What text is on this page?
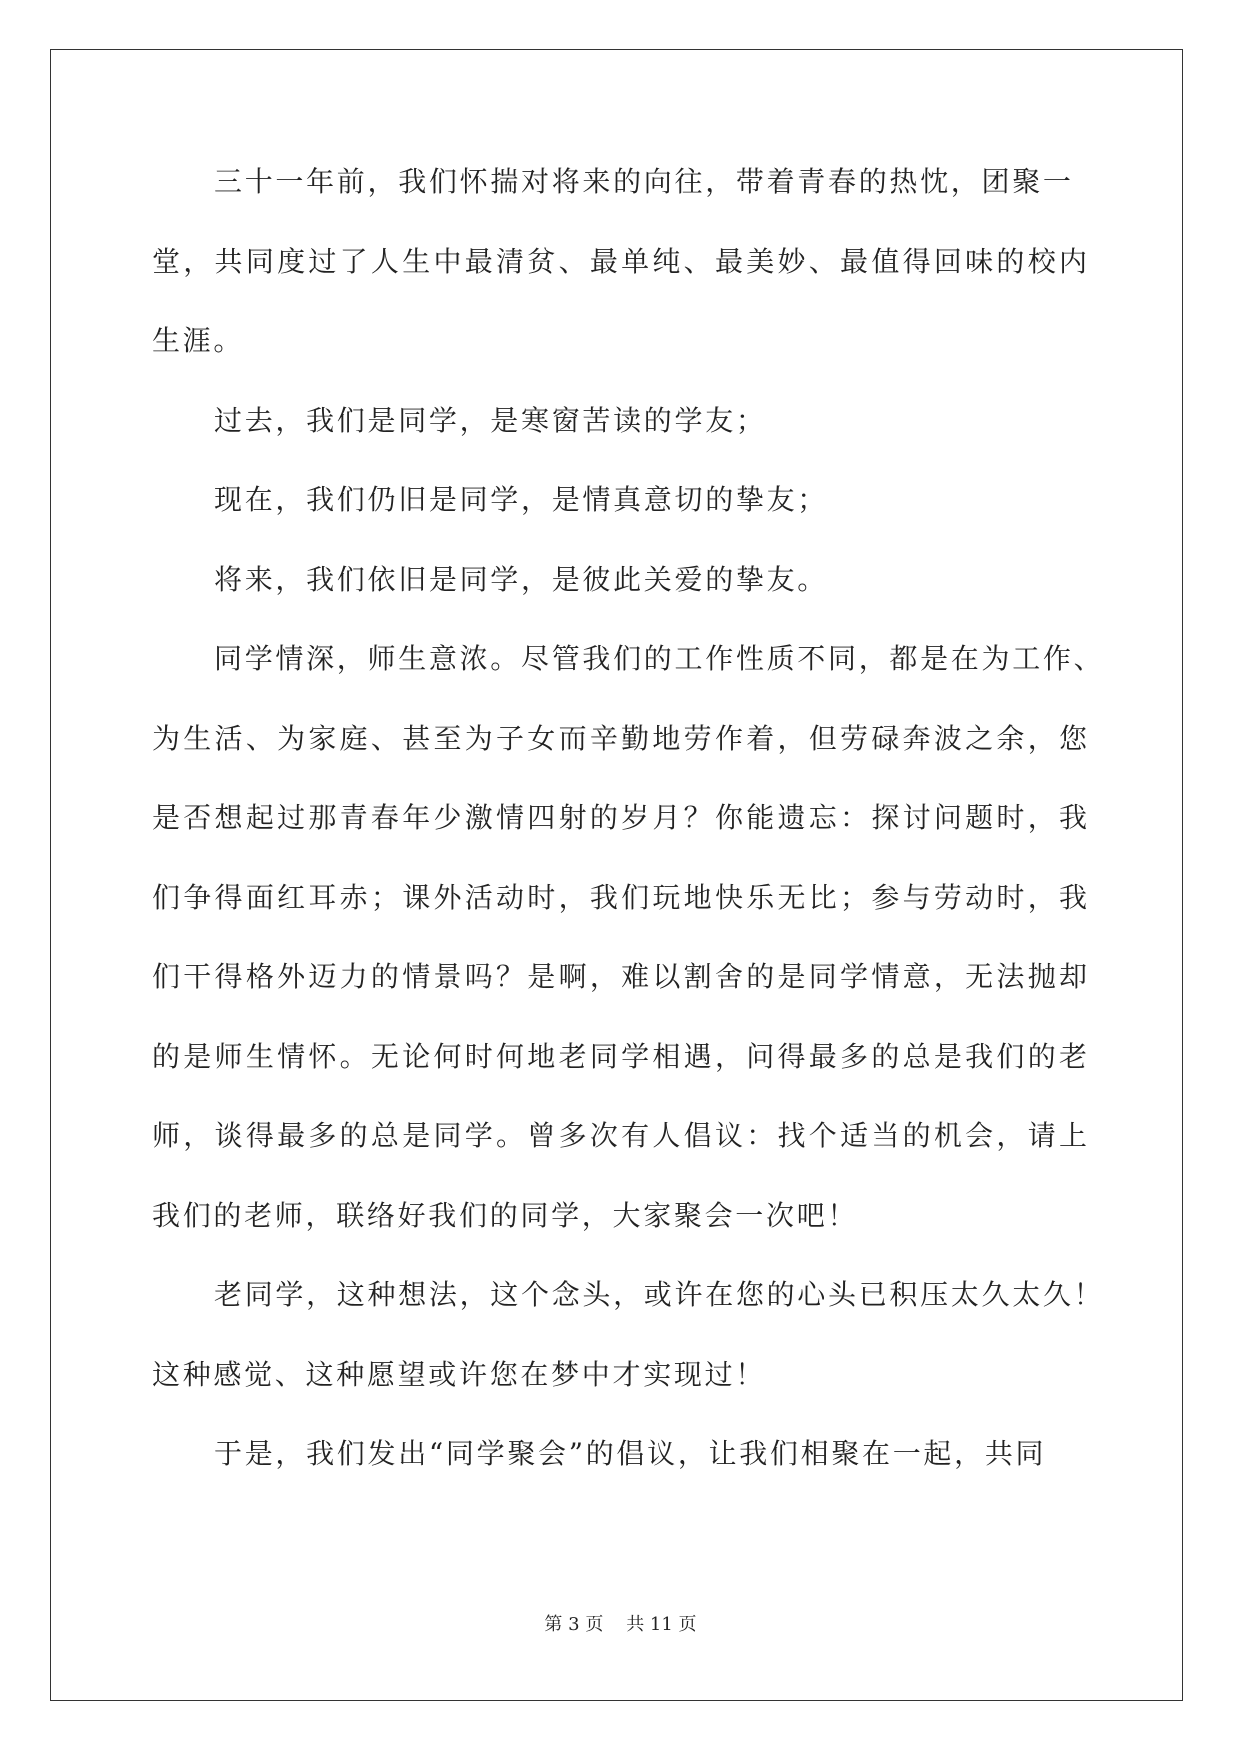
三十一年前，我们怀揣对将来的向往，带着青春的热忱，团聚一
堂，共同度过了人生中最清贫、最单纯、最美妙、最值得回味的校内
生涯。
过去，我们是同学，是寒窗苦读的学友；
现在，我们仍旧是同学，是情真意切的挚友；
将来，我们依旧是同学，是彼此关爱的挚友。
同学情深，师生意浓。尽管我们的工作性质不同，都是在为工作、
为生活、为家庭、甚至为子女而辛勤地劳作着，但劳碌奔波之余，您
是否想起过那青春年少激情四射的岁月？你能遗忘：探讨问题时，我
们争得面红耳赤；课外活动时，我们玩地快乐无比；参与劳动时，我
们干得格外迈力的情景吗？是啊，难以割舍的是同学情意，无法抛却
的是师生情怀。无论何时何地老同学相遇，问得最多的总是我们的老
师，谈得最多的总是同学。曾多次有人倡议：找个适当的机会，请上
我们的老师，联络好我们的同学，大家聚会一次吧！
老同学，这种想法，这个念头，或许在您的心头已积压太久太久！
这种感觉、这种愿望或许您在梦中才实现过！
于是，我们发出“同学聚会”的倡议，让我们相聚在一起，共同
第 3 页    共 11 页
